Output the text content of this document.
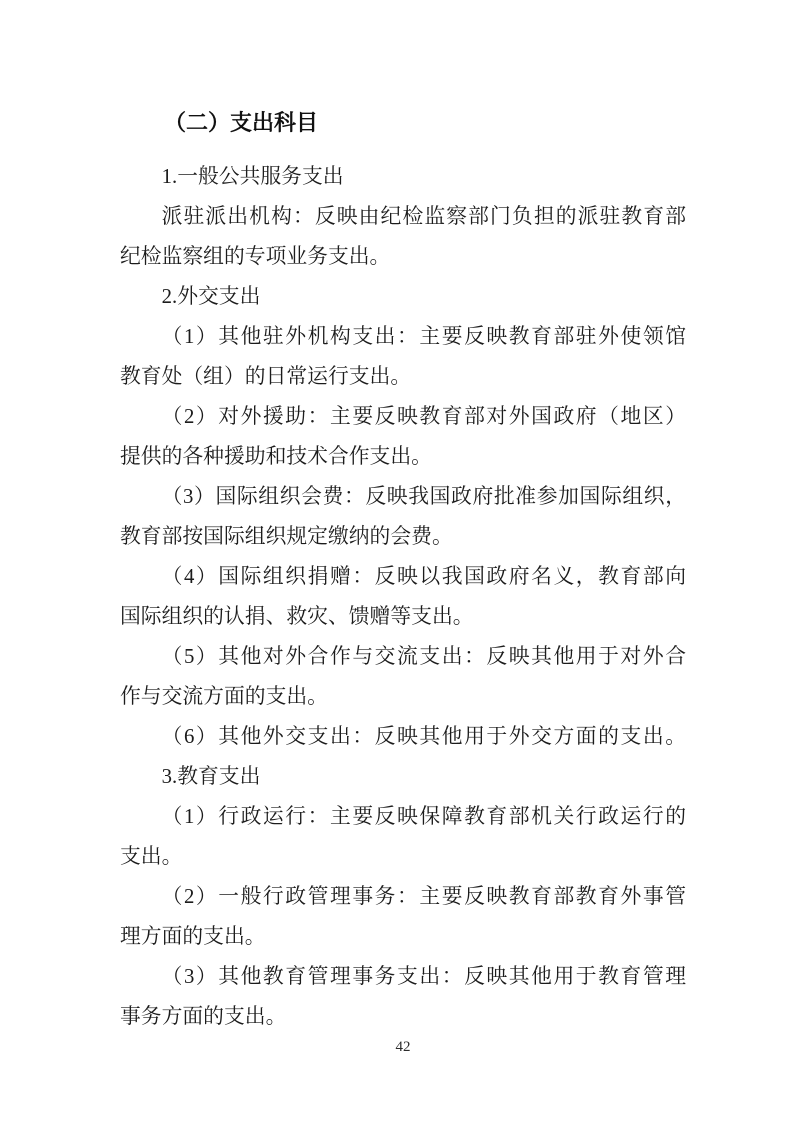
（二）支出科目

1.一般公共服务支出

派驻派出机构：反映由纪检监察部门负担的派驻教育部
纪检监察组的专项业务支出。

2.外交支出

（1）其他驻外机构支出：主要反映教育部驻外使领馆
教育处（组）的日常运行支出。

（2）对外援助：主要反映教育部对外国政府（地区）
提供的各种援助和技术合作支出。

（3）国际组织会费：反映我国政府批准参加国际组织，
教育部按国际组织规定缴纳的会费。

（4）国际组织捐赠：反映以我国政府名义，教育部向
国际组织的认捐、救灾、馈赠等支出。

（5）其他对外合作与交流支出：反映其他用于对外合
作与交流方面的支出。

（6）其他外交支出：反映其他用于外交方面的支出。

3.教育支出

（1）行政运行：主要反映保障教育部机关行政运行的
支出。

（2）一般行政管理事务：主要反映教育部教育外事管
理方面的支出。

（3）其他教育管理事务支出：反映其他用于教育管理
事务方面的支出。

42
